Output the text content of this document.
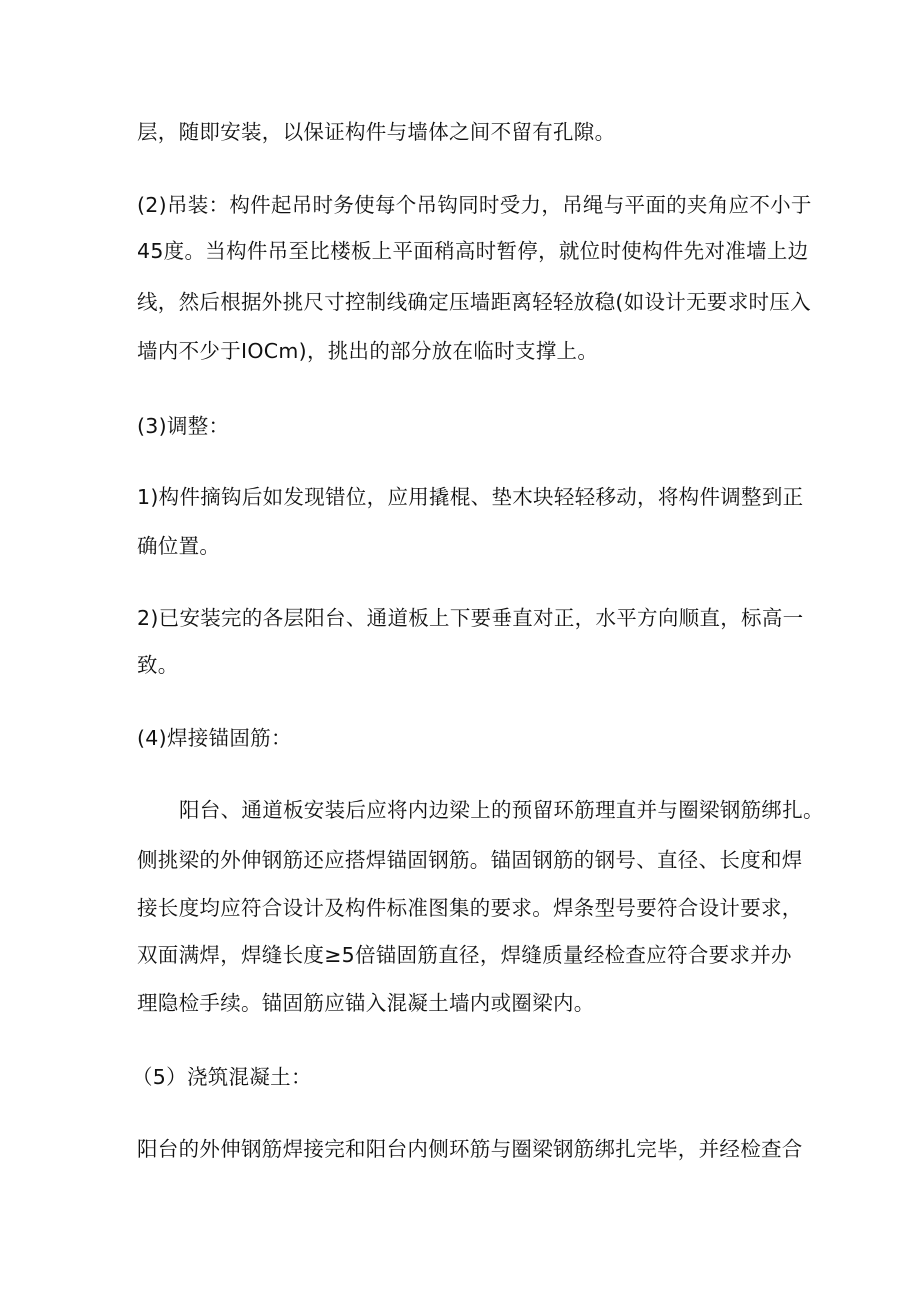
层，随即安装，以保证构件与墙体之间不留有孔隙。

(2)吊装：构件起吊时务使每个吊钩同时受力，吊绳与平面的夹角应不小于

45度。当构件吊至比楼板上平面稍高时暂停，就位时使构件先对准墙上边

线，然后根据外挑尺寸控制线确定压墙距离轻轻放稳(如设计无要求时压入

墙内不少于IOCm)，挑出的部分放在临时支撑上。

(3)调整：

1)构件摘钩后如发现错位，应用撬棍、垫木块轻轻移动，将构件调整到正

确位置。

2)已安装完的各层阳台、通道板上下要垂直对正，水平方向顺直，标高一

致。

(4)焊接锚固筋：

阳台、通道板安装后应将内边梁上的预留环筋理直并与圈梁钢筋绑扎。

侧挑梁的外伸钢筋还应搭焊锚固钢筋。锚固钢筋的钢号、直径、长度和焊

接长度均应符合设计及构件标准图集的要求。焊条型号要符合设计要求，

双面满焊，焊缝长度≥5倍锚固筋直径，焊缝质量经检查应符合要求并办

理隐检手续。锚固筋应锚入混凝土墙内或圈梁内。

（5）浇筑混凝土：

阳台的外伸钢筋焊接完和阳台内侧环筋与圈梁钢筋绑扎完毕，并经检查合
